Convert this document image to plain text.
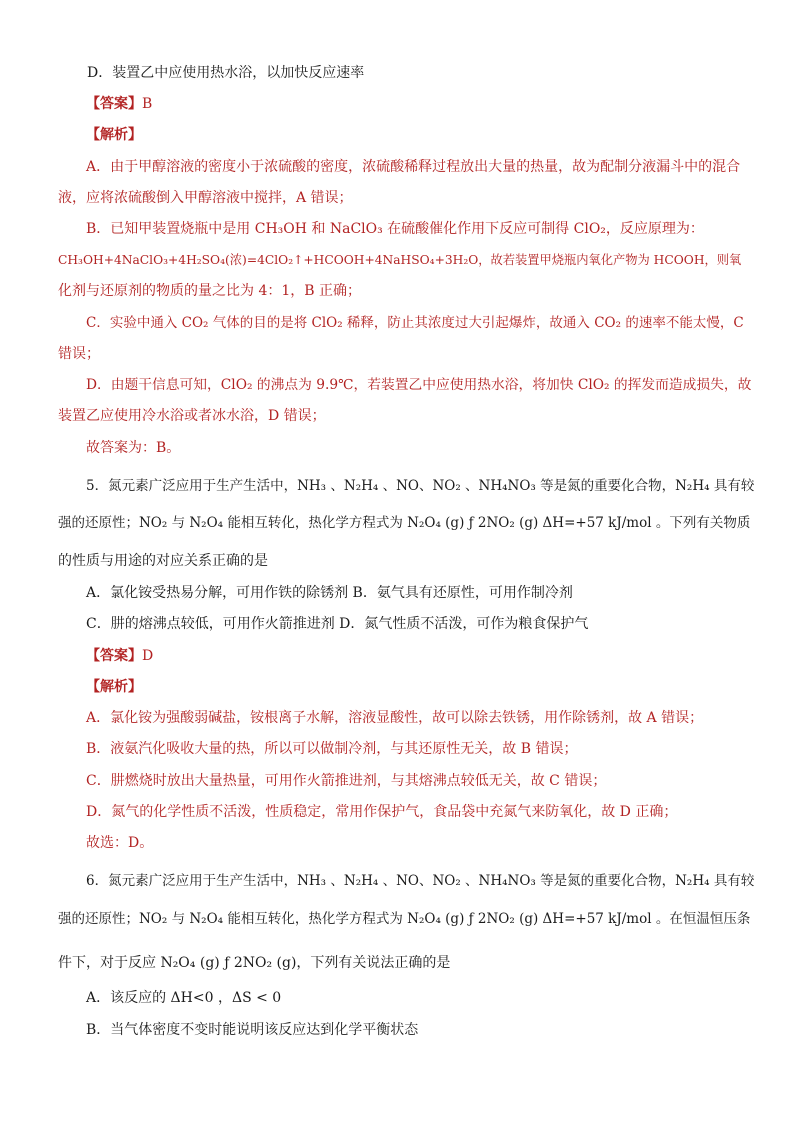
D．装置乙中应使用热水浴，以加快反应速率
【答案】B
【解析】
A．由于甲醇溶液的密度小于浓硫酸的密度，浓硫酸稀释过程放出大量的热量，故为配制分液漏斗中的混合
液，应将浓硫酸倒入甲醇溶液中搅拌，A 错误；
B．已知甲装置烧瓶中是用 CH₃OH 和 NaClO₃ 在硫酸催化作用下反应可制得 ClO₂，反应原理为：
CH₃OH+4NaClO₃+4H₂SO₄(浓)=4ClO₂↑+HCOOH+4NaHSO₄+3H₂O，故若装置甲烧瓶内氧化产物为 HCOOH，则氧
化剂与还原剂的物质的量之比为 4：1，B 正确；
C．实验中通入 CO₂ 气体的目的是将 ClO₂ 稀释，防止其浓度过大引起爆炸，故通入 CO₂ 的速率不能太慢，C
错误；
D．由题干信息可知，ClO₂ 的沸点为 9.9℃，若装置乙中应使用热水浴，将加快 ClO₂ 的挥发而造成损失，故
装置乙应使用冷水浴或者冰水浴，D 错误；
故答案为：B。
5．氮元素广泛应用于生产生活中，NH₃ 、N₂H₄ 、NO、NO₂ 、NH₄NO₃ 等是氮的重要化合物，N₂H₄ 具有较
强的还原性；NO₂ 与 N₂O₄ 能相互转化，热化学方程式为 N₂O₄ (g) ƒ 2NO₂ (g) ΔH=+57 kJ/mol 。下列有关物质
的性质与用途的对应关系正确的是
A．氯化铵受热易分解，可用作铁的除锈剂 B．氨气具有还原性，可用作制冷剂
C．肼的熔沸点较低，可用作火箭推进剂 D．氮气性质不活泼，可作为粮食保护气
【答案】D
【解析】
A．氯化铵为强酸弱碱盐，铵根离子水解，溶液显酸性，故可以除去铁锈，用作除锈剂，故 A 错误；
B．液氨汽化吸收大量的热，所以可以做制冷剂，与其还原性无关，故 B 错误；
C．肼燃烧时放出大量热量，可用作火箭推进剂，与其熔沸点较低无关，故 C 错误；
D．氮气的化学性质不活泼，性质稳定，常用作保护气，食品袋中充氮气来防氧化，故 D 正确；
故选：D。
6．氮元素广泛应用于生产生活中，NH₃ 、N₂H₄ 、NO、NO₂ 、NH₄NO₃ 等是氮的重要化合物，N₂H₄ 具有较
强的还原性；NO₂ 与 N₂O₄ 能相互转化，热化学方程式为 N₂O₄ (g) ƒ 2NO₂ (g) ΔH=+57 kJ/mol 。在恒温恒压条
件下，对于反应 N₂O₄ (g) ƒ 2NO₂ (g)，下列有关说法正确的是
A．该反应的 ΔH<0 ，ΔS < 0
B．当气体密度不变时能说明该反应达到化学平衡状态
